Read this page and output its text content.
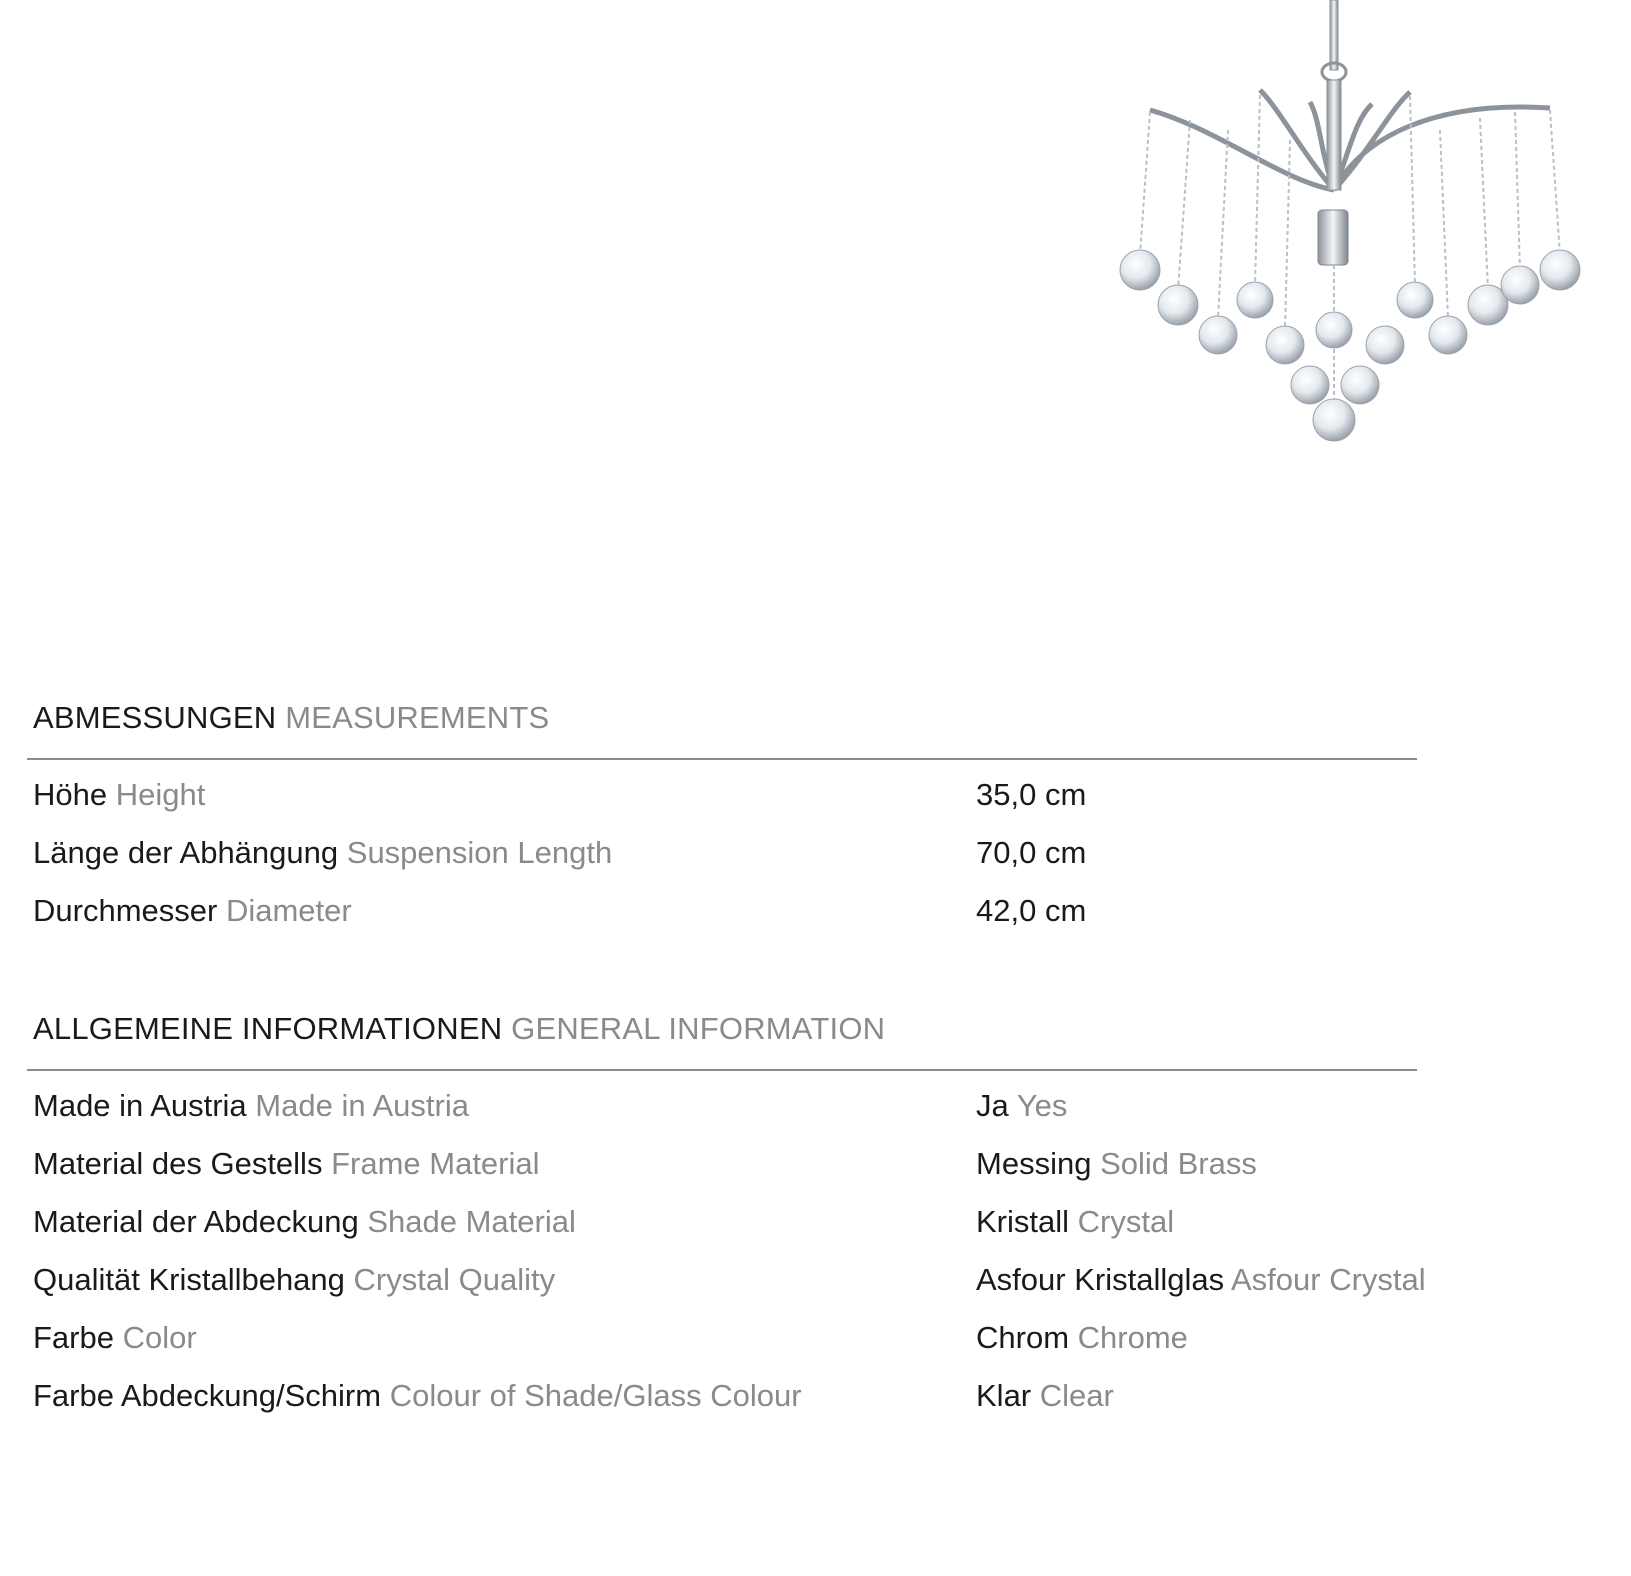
ABMESSUNGEN MEASUREMENTS
Höhe Height	35,0 cm
Länge der Abhängung Suspension Length	70,0 cm
Durchmesser Diameter	42,0 cm
ALLGEMEINE INFORMATIONEN GENERAL INFORMATION
Made in Austria Made in Austria	Ja Yes
Material des Gestells Frame Material	Messing Solid Brass
Material der Abdeckung Shade Material	Kristall Crystal
Qualität Kristallbehang Crystal Quality	Asfour Kristallglas Asfour Crystal
Farbe Color	Chrom Chrome
Farbe Abdeckung/Schirm Colour of Shade/Glass Colour	Klar Clear
